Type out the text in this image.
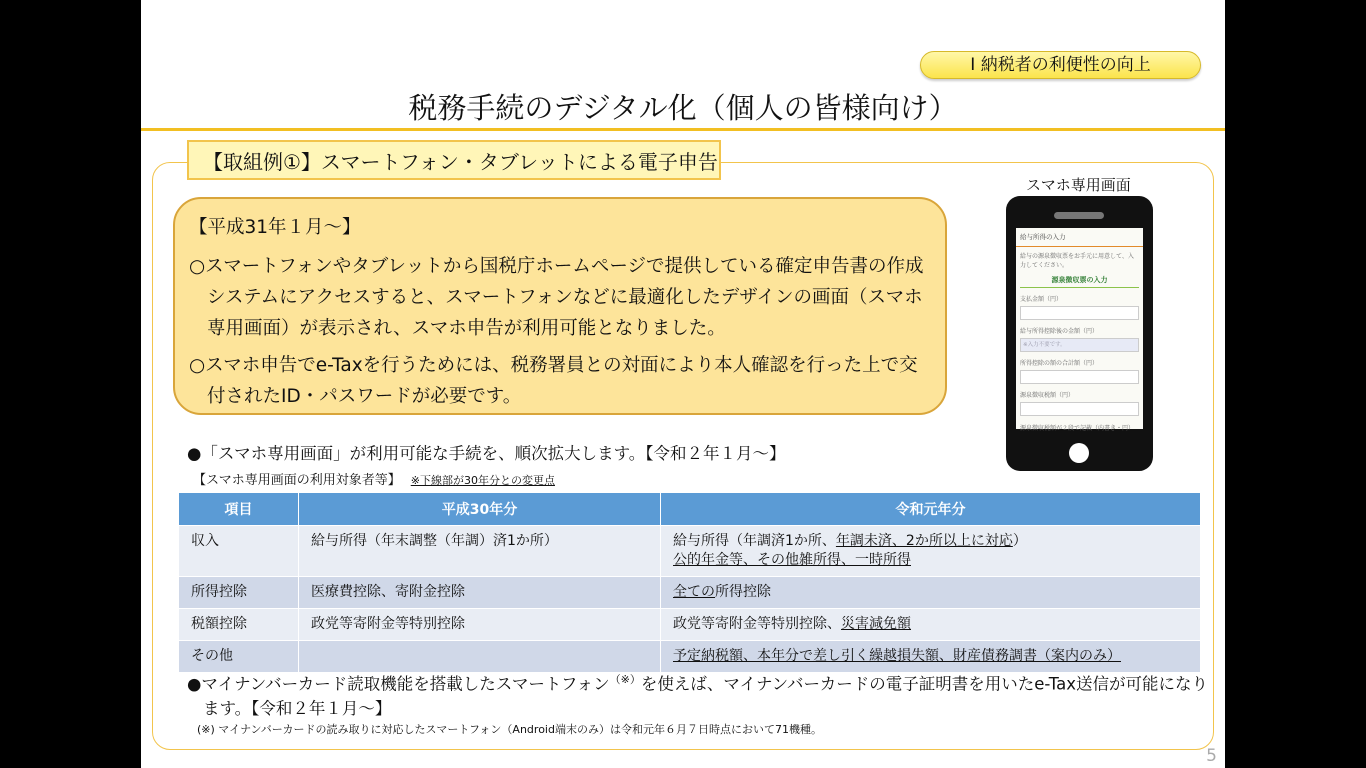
Ⅰ 納税者の利便性の向上
税務手続のデジタル化（個人の皆様向け）
【取組例①】スマートフォン・タブレットによる電子申告
【平成31年１月～】
○スマートフォンやタブレットから国税庁ホームページで提供している確定申告書の作成システムにアクセスすると、スマートフォンなどに最適化したデザインの画面（スマホ専用画面）が表示され、スマホ申告が利用可能となりました。
○スマホ申告でe-Taxを行うためには、税務署員との対面により本人確認を行った上で交付されたID・パスワードが必要です。
スマホ専用画面
給与所得の入力
給与の源泉徴収票をお手元に用意して、入力してください。
源泉徴収票の入力
支払金額（円）
給与所得控除後の金額（円）
※入力不要です。
所得控除の額の合計額（円）
源泉徴収税額（円）
源泉徴収税額が２段で記載（内書き・円）
●「スマホ専用画面」が利用可能な手続を、順次拡大します。【令和２年１月～】
【スマホ専用画面の利用対象者等】 ※下線部が30年分との変更点
項目	平成30年分	令和元年分
収入	給与所得（年末調整（年調）済1か所）	給与所得（年調済1か所、年調未済、2か所以上に対応）
公的年金等、その他雑所得、一時所得
所得控除	医療費控除、寄附金控除	全ての所得控除
税額控除	政党等寄附金等特別控除	政党等寄附金等特別控除、災害減免額
その他		予定納税額、本年分で差し引く繰越損失額、財産債務調書（案内のみ）
●マイナンバーカード読取機能を搭載したスマートフォン（※）を使えば、マイナンバーカードの電子証明書を用いたe-Tax送信が可能になります。【令和２年１月～】
(※) マイナンバーカードの読み取りに対応したスマートフォン（Android端末のみ）は令和元年６月７日時点において71機種。
5
